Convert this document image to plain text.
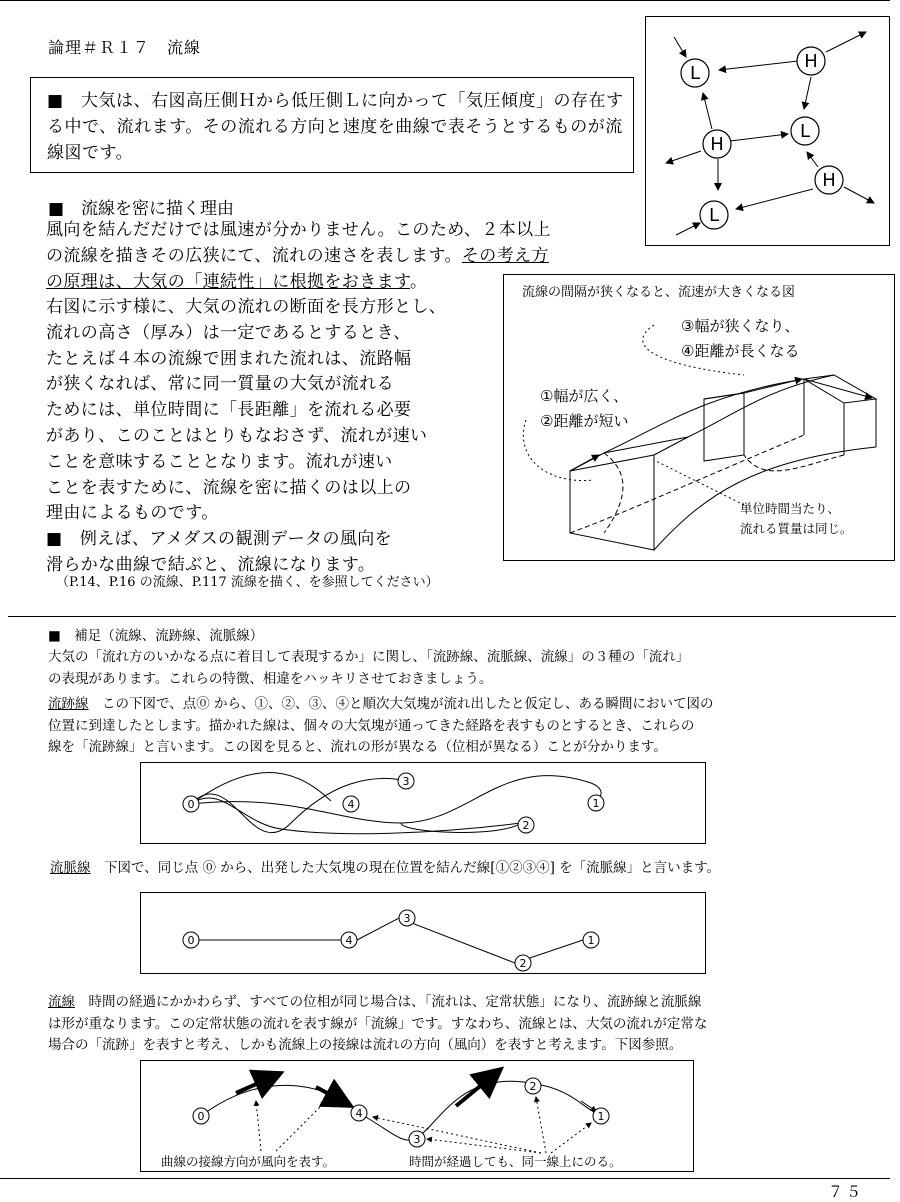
論理＃Ｒ１７　流線

■　大気は、右図高圧側Ｈから低圧側Ｌに向かって「気圧傾度」の存在する中で、流れます。その流れる方向と速度を曲線で表そうとするものが流線図です。

L
H
H
L
H
L
■　流線を密に描く理由

風向を結んだだけでは風速が分かりません。このため、２本以上

の流線を描きその広狭にて、流れの速さを表します。その考え方

の原理は、大気の「連続性」に根拠をおきます。

右図に示す様に、大気の流れの断面を長方形とし、

流れの高さ（厚み）は一定であるとするとき、

たとえば４本の流線で囲まれた流れは、流路幅

が狭くなれば、常に同一質量の大気が流れる

ためには、単位時間に「長距離」を流れる必要

があり、このことはとりもなおさず、流れが速い

ことを意味することとなります。流れが速い

ことを表すために、流線を密に描くのは以上の

理由によるものです。

■　例えば、アメダスの観測データの風向を

滑らかな曲線で結ぶと、流線になります。

（P.14、P.16 の流線、P.117 流線を描く、を参照してください）
流線の間隔が狭くなると、流速が大きくなる図
③幅が狭くなり、
④距離が長くなる
①幅が広く、
②距離が短い
単位時間当たり、
流れる質量は同じ。
■　補足（流線、流跡線、流脈線）
大気の「流れ方のいかなる点に着目して表現するか」に関し、「流跡線、流脈線、流線」の３種の「流れ」
の表現があります。これらの特徴、相違をハッキリさせておきましょう。
流跡線　この下図で、点⓪ から、①、②、③、④と順次大気塊が流れ出したと仮定し、ある瞬間において図の
位置に到達したとします。描かれた線は、個々の大気塊が通ってきた経路を表すものとするとき、これらの
線を「流跡線」と言います。この図を見ると、流れの形が異なる（位相が異なる）ことが分かります。
0	1
2
3
4
流脈線　下図で、同じ点 ⓪ から、出発した大気塊の現在位置を結んだ線[①②③④] を「流脈線」と言います。
0	4
3
2
1
流線　時間の経過にかかわらず、すべての位相が同じ場合は、「流れは、定常状態」になり、流跡線と流脈線
は形が重なります。この定常状態の流れを表す線が「流線」です。すなわち、流線とは、大気の流れが定常な
場合の「流跡」を表すと考え、しかも流線上の接線は流れの方向（風向）を表すと考えます。下図参照。
0	4
3
2
1
曲線の接線方向が風向を表す。	時間が経過しても、同一線上にのる。
７５
